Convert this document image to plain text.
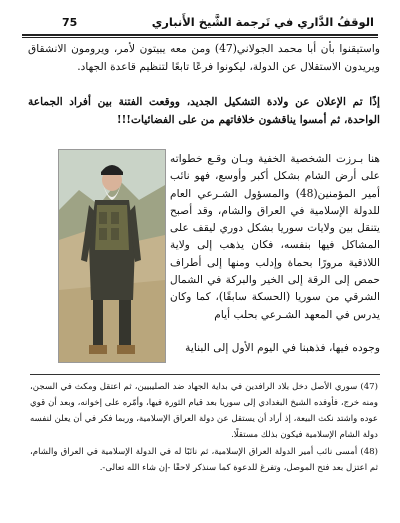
الوقفُ الدَّاري في تَرجمة الشَّيخ الأَنباري
75

واستيقنوا بأن أبا محمد الجولاني(47) ومن معه يبيتون لأمر، ويرومون الانشقاق ويريدون الاستقلال عن الدولة، ليكونوا فرعًا تابعًا لتنظيم قاعدة الجهاد.

إذًا تم الإعلان عن ولادة التشكيل الجديد، ووقعت الفتنة بين أفراد الجماعة الواحدة، ثم أمسوا يناقشون خلافاتهم من على الفضائيات!!!

هنا بـرزت الشخصية الخفية وبـان وقـع خطواته على أرض الشام بشكل أكبر وأوسع، فهو نائب أمير المؤمنين(48) والمسؤول الشـرعي العام للدولة الإسلامية في العراق والشام، وقد أصبح يتنقل بين ولايات سوريا بشكل دوري ليقف على المشاكل فيها بنفسه، فكان يذهب إلى ولاية اللاذقية مرورًا بحماة وإدلب ومنها إلى أطراف حمص إلى الرقة إلى الخير والبركة في الشمال الشرقي من سوريا (الحسكة سابقًا)، كما وكان يدرس في المعهد الشـرعي بحلب أيام

وجوده فيها، فذهبنا في اليوم الأول إلى البناية

(47) سوري الأصل دخل بلاد الرافدين في بداية الجهاد ضد الصليبيين، ثم اعتقل ومكث في السجن، ومنه خرج، فأوفده الشيخ البغدادي إلى سوريا بعد قيام الثورة فيها، وأمّره على إخوانه، وبعد أن قوي عوده واشتد نكث البيعة، إذ أراد أن يستقل عن دولة العراق الإسلامية، وربما فكر في أن يعلن لنفسه دولة الشام الإسلامية فيكون بذلك مستقلًا.

(48) أمسى نائب أمير الدولة العراق الإسلامية، ثم نائبًا له في الدولة الإسلامية في العراق والشام، ثم اعتزل بعد فتح الموصل، وتفرغ للدعوة كما سنذكر لاحقًا -إن شاء الله تعالى-.
